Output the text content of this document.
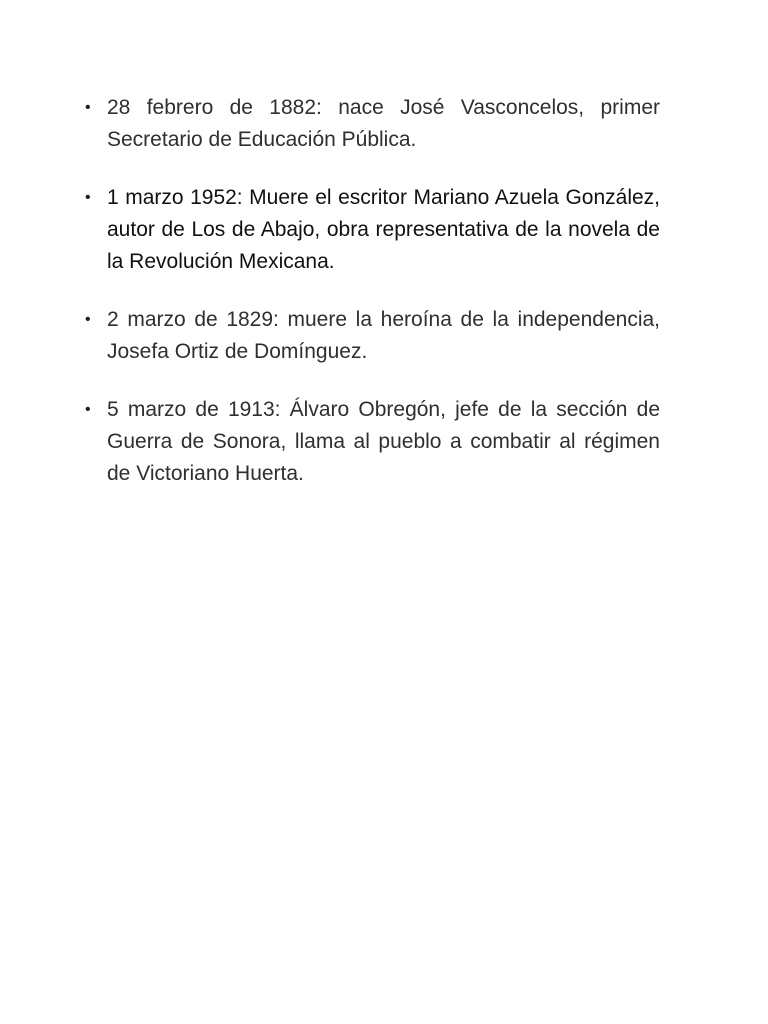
• 28 febrero de 1882: nace José Vasconcelos, primer Secretario de Educación Pública.
• 1 marzo 1952: Muere el escritor Mariano Azuela González, autor de Los de Abajo, obra representativa de la novela de la Revolución Mexicana.
• 2 marzo de 1829: muere la heroína de la independencia, Josefa Ortiz de Domínguez.
• 5 marzo de 1913: Álvaro Obregón, jefe de la sección de Guerra de Sonora, llama al pueblo a combatir al régimen de Victoriano Huerta.
